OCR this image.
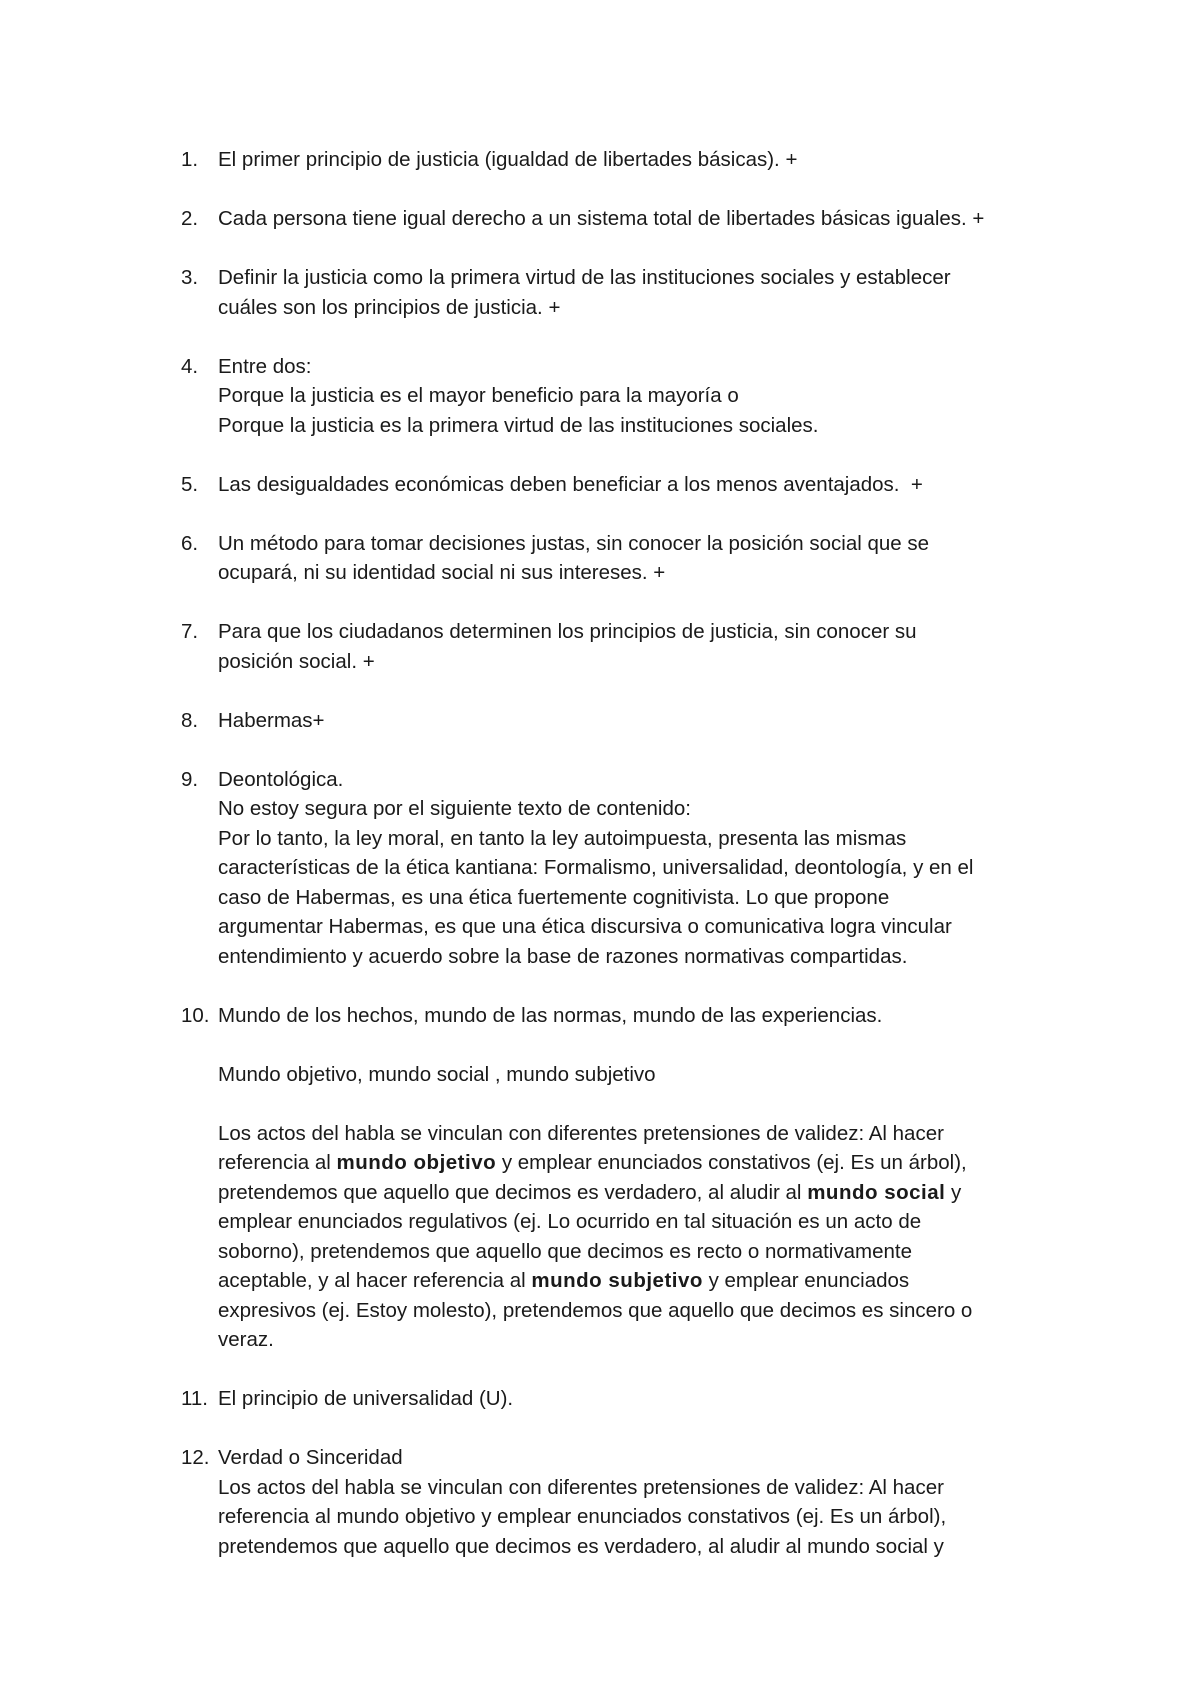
1. El primer principio de justicia (igualdad de libertades básicas). +
2. Cada persona tiene igual derecho a un sistema total de libertades básicas iguales. +
3. Definir la justicia como la primera virtud de las instituciones sociales y establecer
cuáles son los principios de justicia. +
4. Entre dos:
Porque la justicia es el mayor beneficio para la mayoría o
Porque la justicia es la primera virtud de las instituciones sociales.
5. Las desigualdades económicas deben beneficiar a los menos aventajados.  +
6. Un método para tomar decisiones justas, sin conocer la posición social que se
ocupará, ni su identidad social ni sus intereses. +
7. Para que los ciudadanos determinen los principios de justicia, sin conocer su
posición social. +
8. Habermas+
9. Deontológica.
No estoy segura por el siguiente texto de contenido:
Por lo tanto, la ley moral, en tanto la ley autoimpuesta, presenta las mismas
características de la ética kantiana: Formalismo, universalidad, deontología, y en el
caso de Habermas, es una ética fuertemente cognitivista. Lo que propone
argumentar Habermas, es que una ética discursiva o comunicativa logra vincular
entendimiento y acuerdo sobre la base de razones normativas compartidas.
10. Mundo de los hechos, mundo de las normas, mundo de las experiencias.
Mundo objetivo, mundo social , mundo subjetivo
Los actos del habla se vinculan con diferentes pretensiones de validez: Al hacer
referencia al mundo objetivo y emplear enunciados constativos (ej. Es un árbol),
pretendemos que aquello que decimos es verdadero, al aludir al mundo social y
emplear enunciados regulativos (ej. Lo ocurrido en tal situación es un acto de
soborno), pretendemos que aquello que decimos es recto o normativamente
aceptable, y al hacer referencia al mundo subjetivo y emplear enunciados
expresivos (ej. Estoy molesto), pretendemos que aquello que decimos es sincero o
veraz.
11. El principio de universalidad (U).
12. Verdad o Sinceridad
Los actos del habla se vinculan con diferentes pretensiones de validez: Al hacer
referencia al mundo objetivo y emplear enunciados constativos (ej. Es un árbol),
pretendemos que aquello que decimos es verdadero, al aludir al mundo social y
